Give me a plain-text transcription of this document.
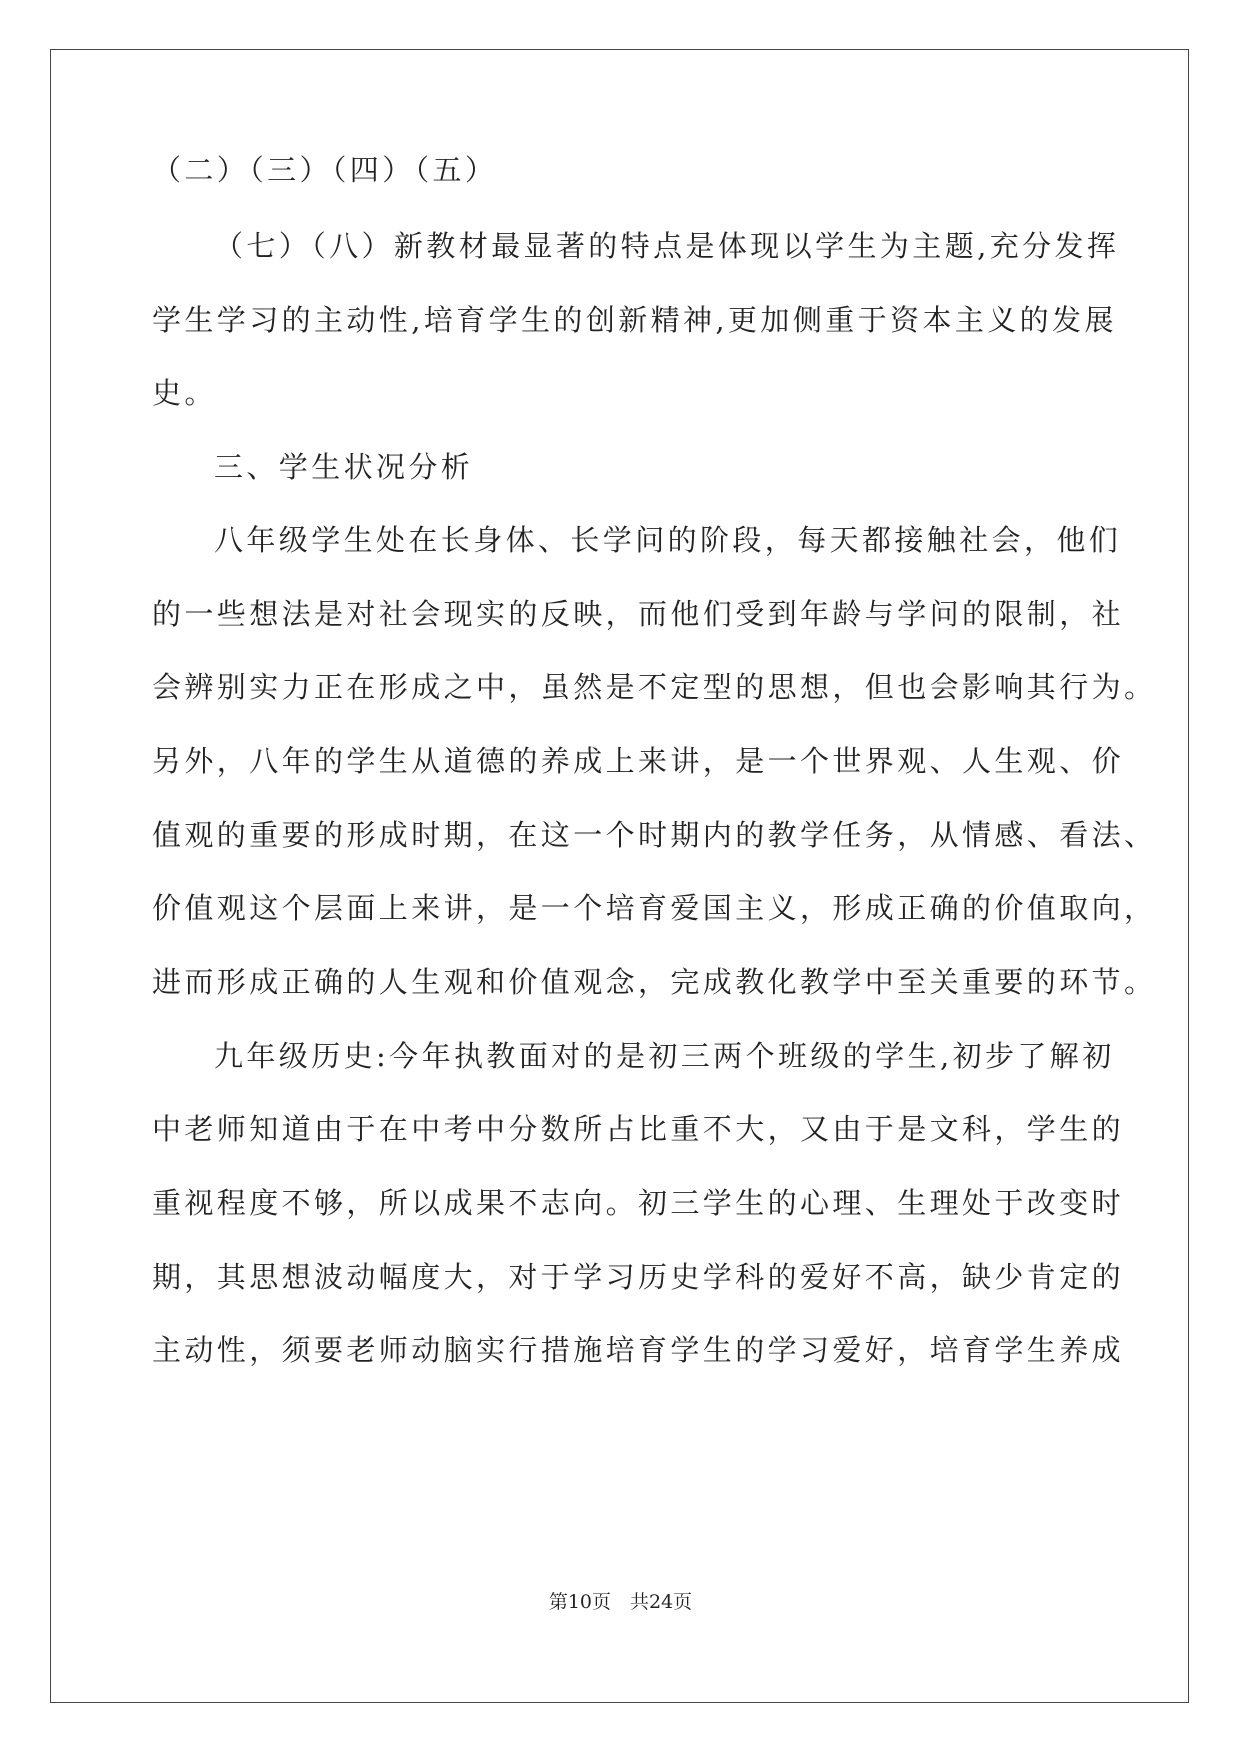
（二）（三）（四）（五）
（七）（八）新教材最显著的特点是体现以学生为主题,充分发挥
学生学习的主动性,培育学生的创新精神,更加侧重于资本主义的发展
史。
三、学生状况分析
八年级学生处在长身体、长学问的阶段，每天都接触社会，他们
的一些想法是对社会现实的反映，而他们受到年龄与学问的限制，社
会辨别实力正在形成之中，虽然是不定型的思想，但也会影响其行为。
另外，八年的学生从道德的养成上来讲，是一个世界观、人生观、价
值观的重要的形成时期，在这一个时期内的教学任务，从情感、看法、
价值观这个层面上来讲，是一个培育爱国主义，形成正确的价值取向，
进而形成正确的人生观和价值观念，完成教化教学中至关重要的环节。
九年级历史:今年执教面对的是初三两个班级的学生,初步了解初
中老师知道由于在中考中分数所占比重不大，又由于是文科，学生的
重视程度不够，所以成果不志向。初三学生的心理、生理处于改变时
期，其思想波动幅度大，对于学习历史学科的爱好不高，缺少肯定的
主动性，须要老师动脑实行措施培育学生的学习爱好，培育学生养成
第10页　共24页
